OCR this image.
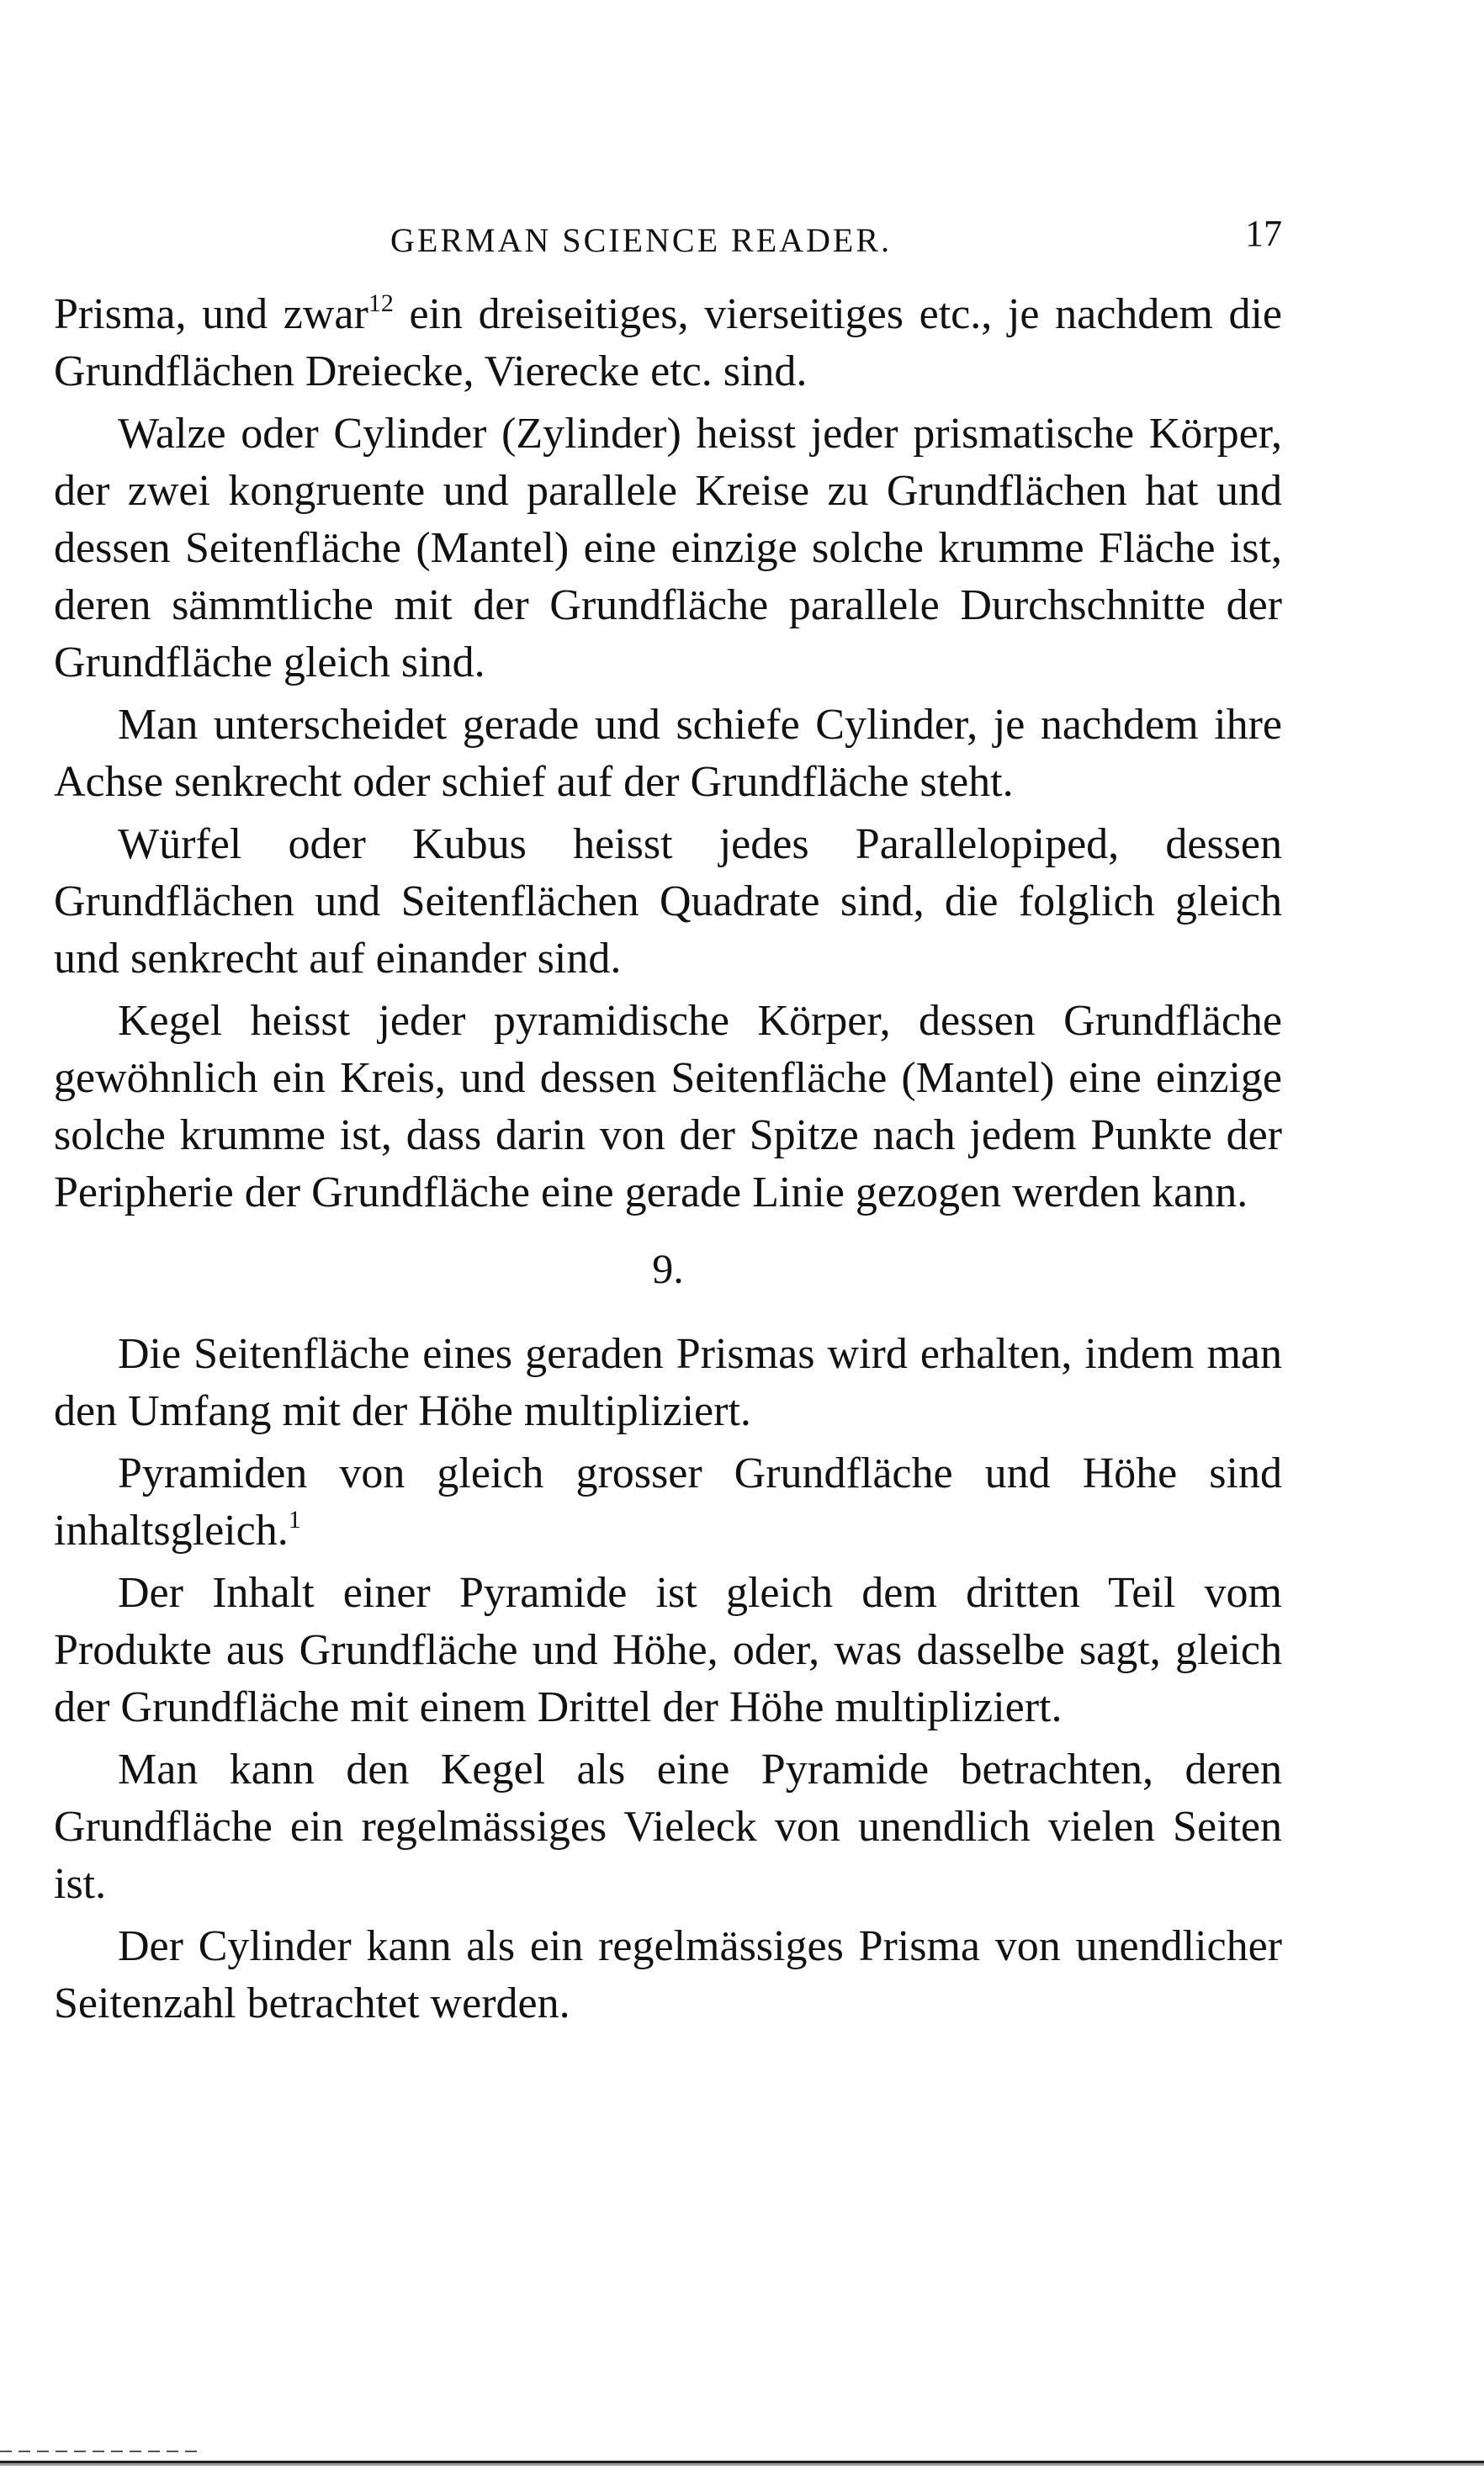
GERMAN SCIENCE READER.	17

Prisma, und zwar$^{12}$ ein dreiseitiges, vierseitiges etc., je nachdem die Grundflächen Dreiecke, Vierecke etc. sind.

Walze oder Cylinder (Zylinder) heisst jeder prismatische Körper, der zwei kongruente und parallele Kreise zu Grundflächen hat und dessen Seitenfläche (Mantel) eine einzige solche krumme Fläche ist, deren sämmtliche mit der Grundfläche parallele Durchschnitte der Grundfläche gleich sind.

Man unterscheidet gerade und schiefe Cylinder, je nachdem ihre Achse senkrecht oder schief auf der Grundfläche steht.

Würfel oder Kubus heisst jedes Parallelopiped, dessen Grundflächen und Seitenflächen Quadrate sind, die folglich gleich und senkrecht auf einander sind.

Kegel heisst jeder pyramidische Körper, dessen Grundfläche gewöhnlich ein Kreis, und dessen Seitenfläche (Mantel) eine einzige solche krumme ist, dass darin von der Spitze nach jedem Punkte der Peripherie der Grundfläche eine gerade Linie gezogen werden kann.

9.

Die Seitenfläche eines geraden Prismas wird erhalten, indem man den Umfang mit der Höhe multipliziert.

Pyramiden von gleich grosser Grundfläche und Höhe sind inhaltsgleich.$^1$

Der Inhalt einer Pyramide ist gleich dem dritten Teil vom Produkte aus Grundfläche und Höhe, oder, was dasselbe sagt, gleich der Grundfläche mit einem Drittel der Höhe multipliziert.

Man kann den Kegel als eine Pyramide betrachten, deren Grundfläche ein regelmässiges Vieleck von unendlich vielen Seiten ist.

Der Cylinder kann als ein regelmässiges Prisma von unendlicher Seitenzahl betrachtet werden.
